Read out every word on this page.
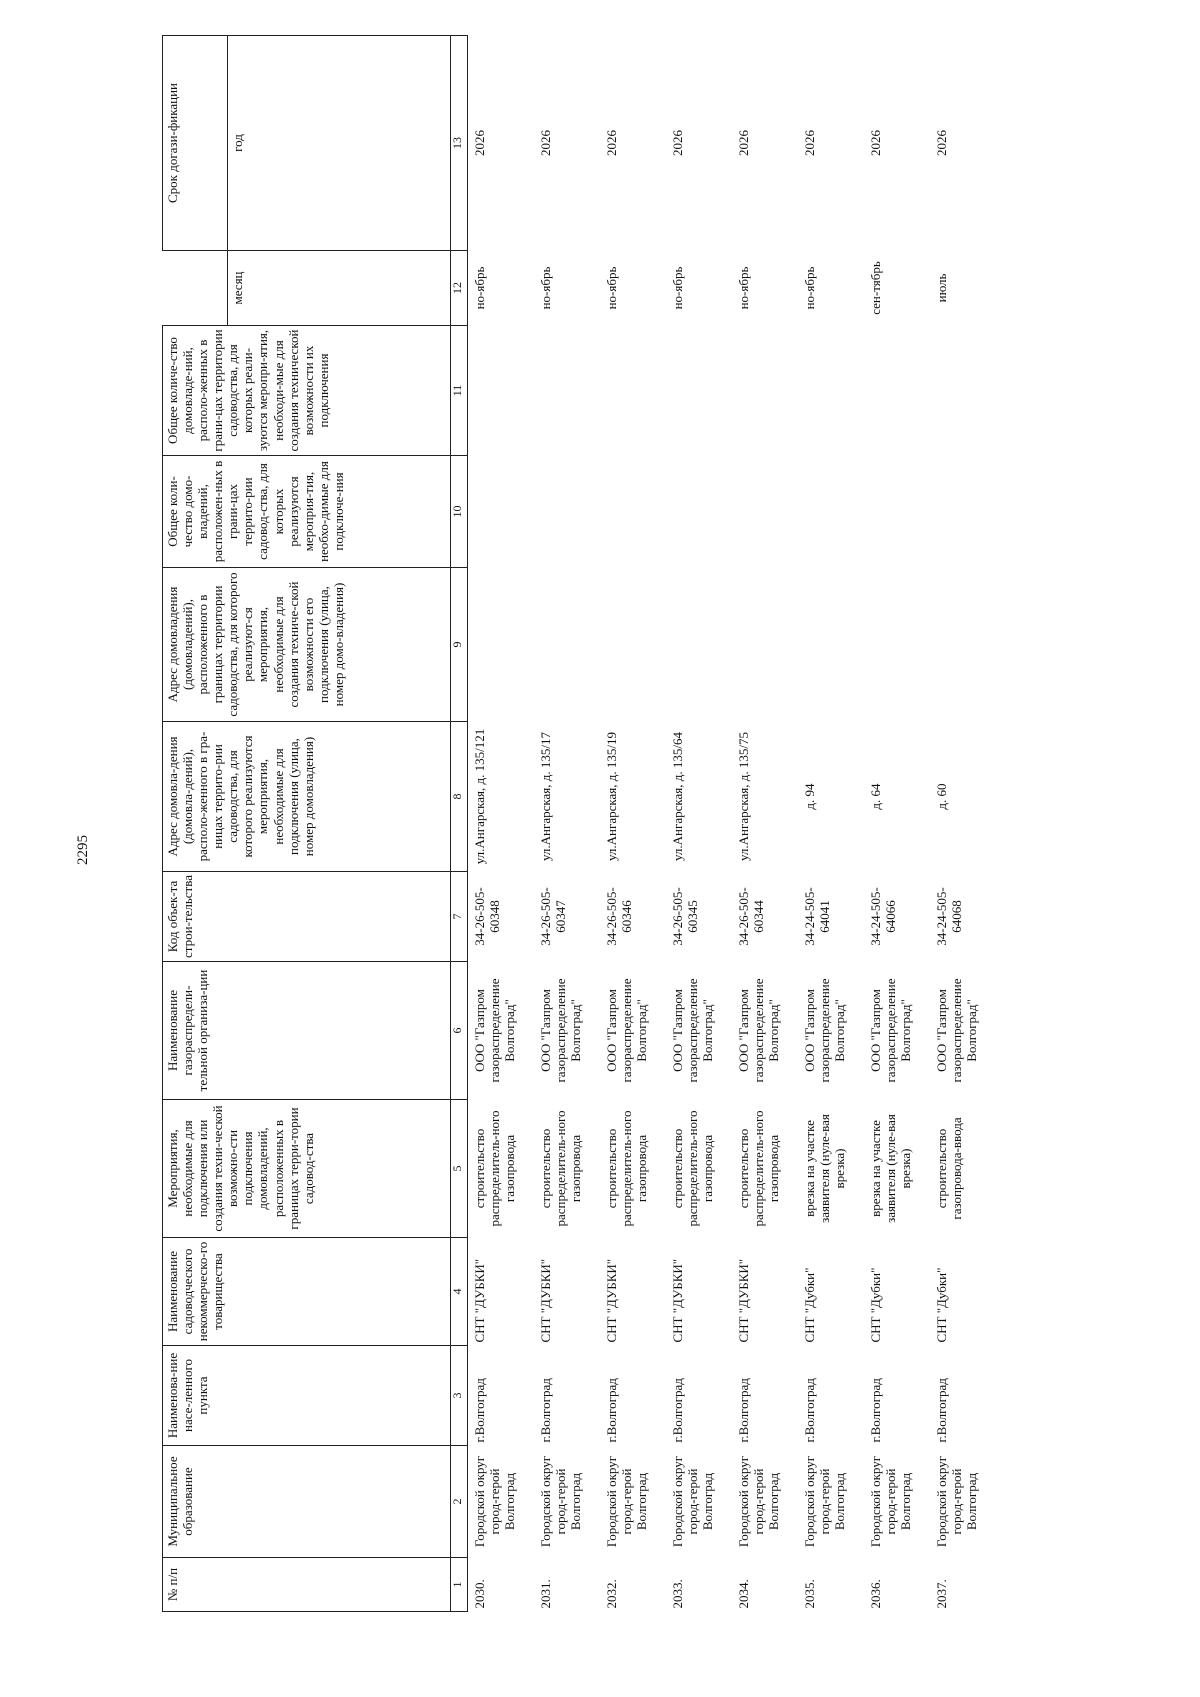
2295
№ п/п	Муниципальное образование	Наименова-ние насе-ленного пункта	Наименование садоводческого некоммерческо-го товарищества	Мероприятия, необходимые для подключения или создания техни-ческой возможно-сти подключения домовладений, расположенных в границах терри-тории садовод-ства	Наименование газораспредели-тельной организа-ции	Код объек-та строи-тельства	Адрес домовла-дения (домовла-дений), располо-женного в гра-ницах террито-рии садоводства, для которого реализуются мероприятия, необходимые для подключения (улица, номер домовладения)	Адрес домовладения (домовладений), расположенного в границах территории садоводства, для которого реализуют-ся мероприятия, необходимые для создания техниче-ской возможности его подключения (улица, номер домо-владения)	Общее коли-чество домо-владений, расположен-ных в грани-цах террито-рии садовод-ства, для которых реализуются мероприя-тия, необхо-димые для подключе-ния	Общее количе-ство домовладе-ний, располо-женных в грани-цах территории садоводства, для которых реали-зуются меропри-ятия, необходи-мые для создания технической возможности их подключения		Срок догази-фикации
											месяц	год
1	2	3	4	5	6	7	8	9	10	11	12	13
2030.	Городской округ город-герой Волгоград	г.Волгоград	СНТ "ДУБКИ"	строительство распределитель-ного газопровода	ООО "Газпром газораспределение Волгоград"	34-26-505-60348	ул.Ангарская, д. 135/121				но-ябрь	2026
2031.	Городской округ город-герой Волгоград	г.Волгоград	СНТ "ДУБКИ"	строительство распределитель-ного газопровода	ООО "Газпром газораспределение Волгоград"	34-26-505-60347	ул.Ангарская, д. 135/17				но-ябрь	2026
2032.	Городской округ город-герой Волгоград	г.Волгоград	СНТ "ДУБКИ"	строительство распределитель-ного газопровода	ООО "Газпром газораспределение Волгоград"	34-26-505-60346	ул.Ангарская, д. 135/19				но-ябрь	2026
2033.	Городской округ город-герой Волгоград	г.Волгоград	СНТ "ДУБКИ"	строительство распределитель-ного газопровода	ООО "Газпром газораспределение Волгоград"	34-26-505-60345	ул.Ангарская, д. 135/64				но-ябрь	2026
2034.	Городской округ город-герой Волгоград	г.Волгоград	СНТ "ДУБКИ"	строительство распределитель-ного газопровода	ООО "Газпром газораспределение Волгоград"	34-26-505-60344	ул.Ангарская, д. 135/75				но-ябрь	2026
2035.	Городской округ город-герой Волгоград	г.Волгоград	СНТ "Дубки"	врезка на участке заявителя (нуле-вая врезка)	ООО "Газпром газораспределение Волгоград"	34-24-505-64041	д. 94				но-ябрь	2026
2036.	Городской округ город-герой Волгоград	г.Волгоград	СНТ "Дубки"	врезка на участке заявителя (нуле-вая врезка)	ООО "Газпром газораспределение Волгоград"	34-24-505-64066	д. 64				сен-тябрь	2026
2037.	Городской округ город-герой Волгоград	г.Волгоград	СНТ "Дубки"	строительство газопровода-ввода	ООО "Газпром газораспределение Волгоград"	34-24-505-64068	д. 60				июль	2026
